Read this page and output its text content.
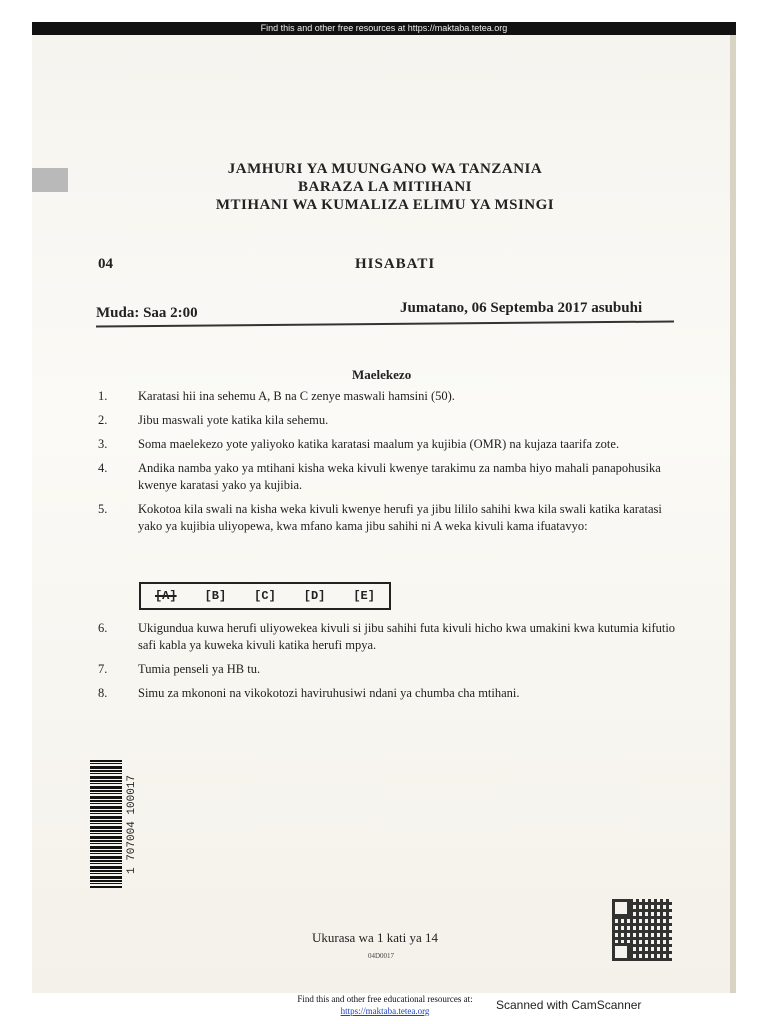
Find this and other free resources at https://maktaba.tetea.org
JAMHURI YA MUUNGANO WA TANZANIA
BARAZA LA MITIHANI
MTIHANI WA KUMALIZA ELIMU YA MSINGI
04	HISABATI
Muda: Saa 2:00	Jumatano, 06 Septemba 2017 asubuhi
Maelekezo
1.	Karatasi hii ina sehemu A, B na C zenye maswali hamsini (50).
2.	Jibu maswali yote katika kila sehemu.
3.	Soma maelekezo yote yaliyoko katika karatasi maalum ya kujibia (OMR) na kujaza taarifa zote.
4.	Andika namba yako ya mtihani kisha weka kivuli kwenye tarakimu za namba hiyo mahali panapohusika kwenye karatasi yako ya kujibia.
5.	Kokotoa kila swali na kisha weka kivuli kwenye herufi ya jibu lililo sahihi kwa kila swali katika karatasi yako ya kujibia uliyopewa, kwa mfano kama jibu sahihi ni A weka kivuli kama ifuatavyo:
[A] [B] [C] [D] [E]
6.	Ukigundua kuwa herufi uliyowekea kivuli si jibu sahihi futa kivuli hicho kwa umakini kwa kutumia kifutio safi kabla ya kuweka kivuli katika herufi mpya.
7.	Tumia penseli ya HB tu.
8.	Simu za mkononi na vikokotozi haviruhusiwi ndani ya chumba cha mtihani.
1 707004 100017
Ukurasa wa 1 kati ya 14
04D0017
Find this and other free educational resources at:
https://maktaba.tetea.org	Scanned with CamScanner
